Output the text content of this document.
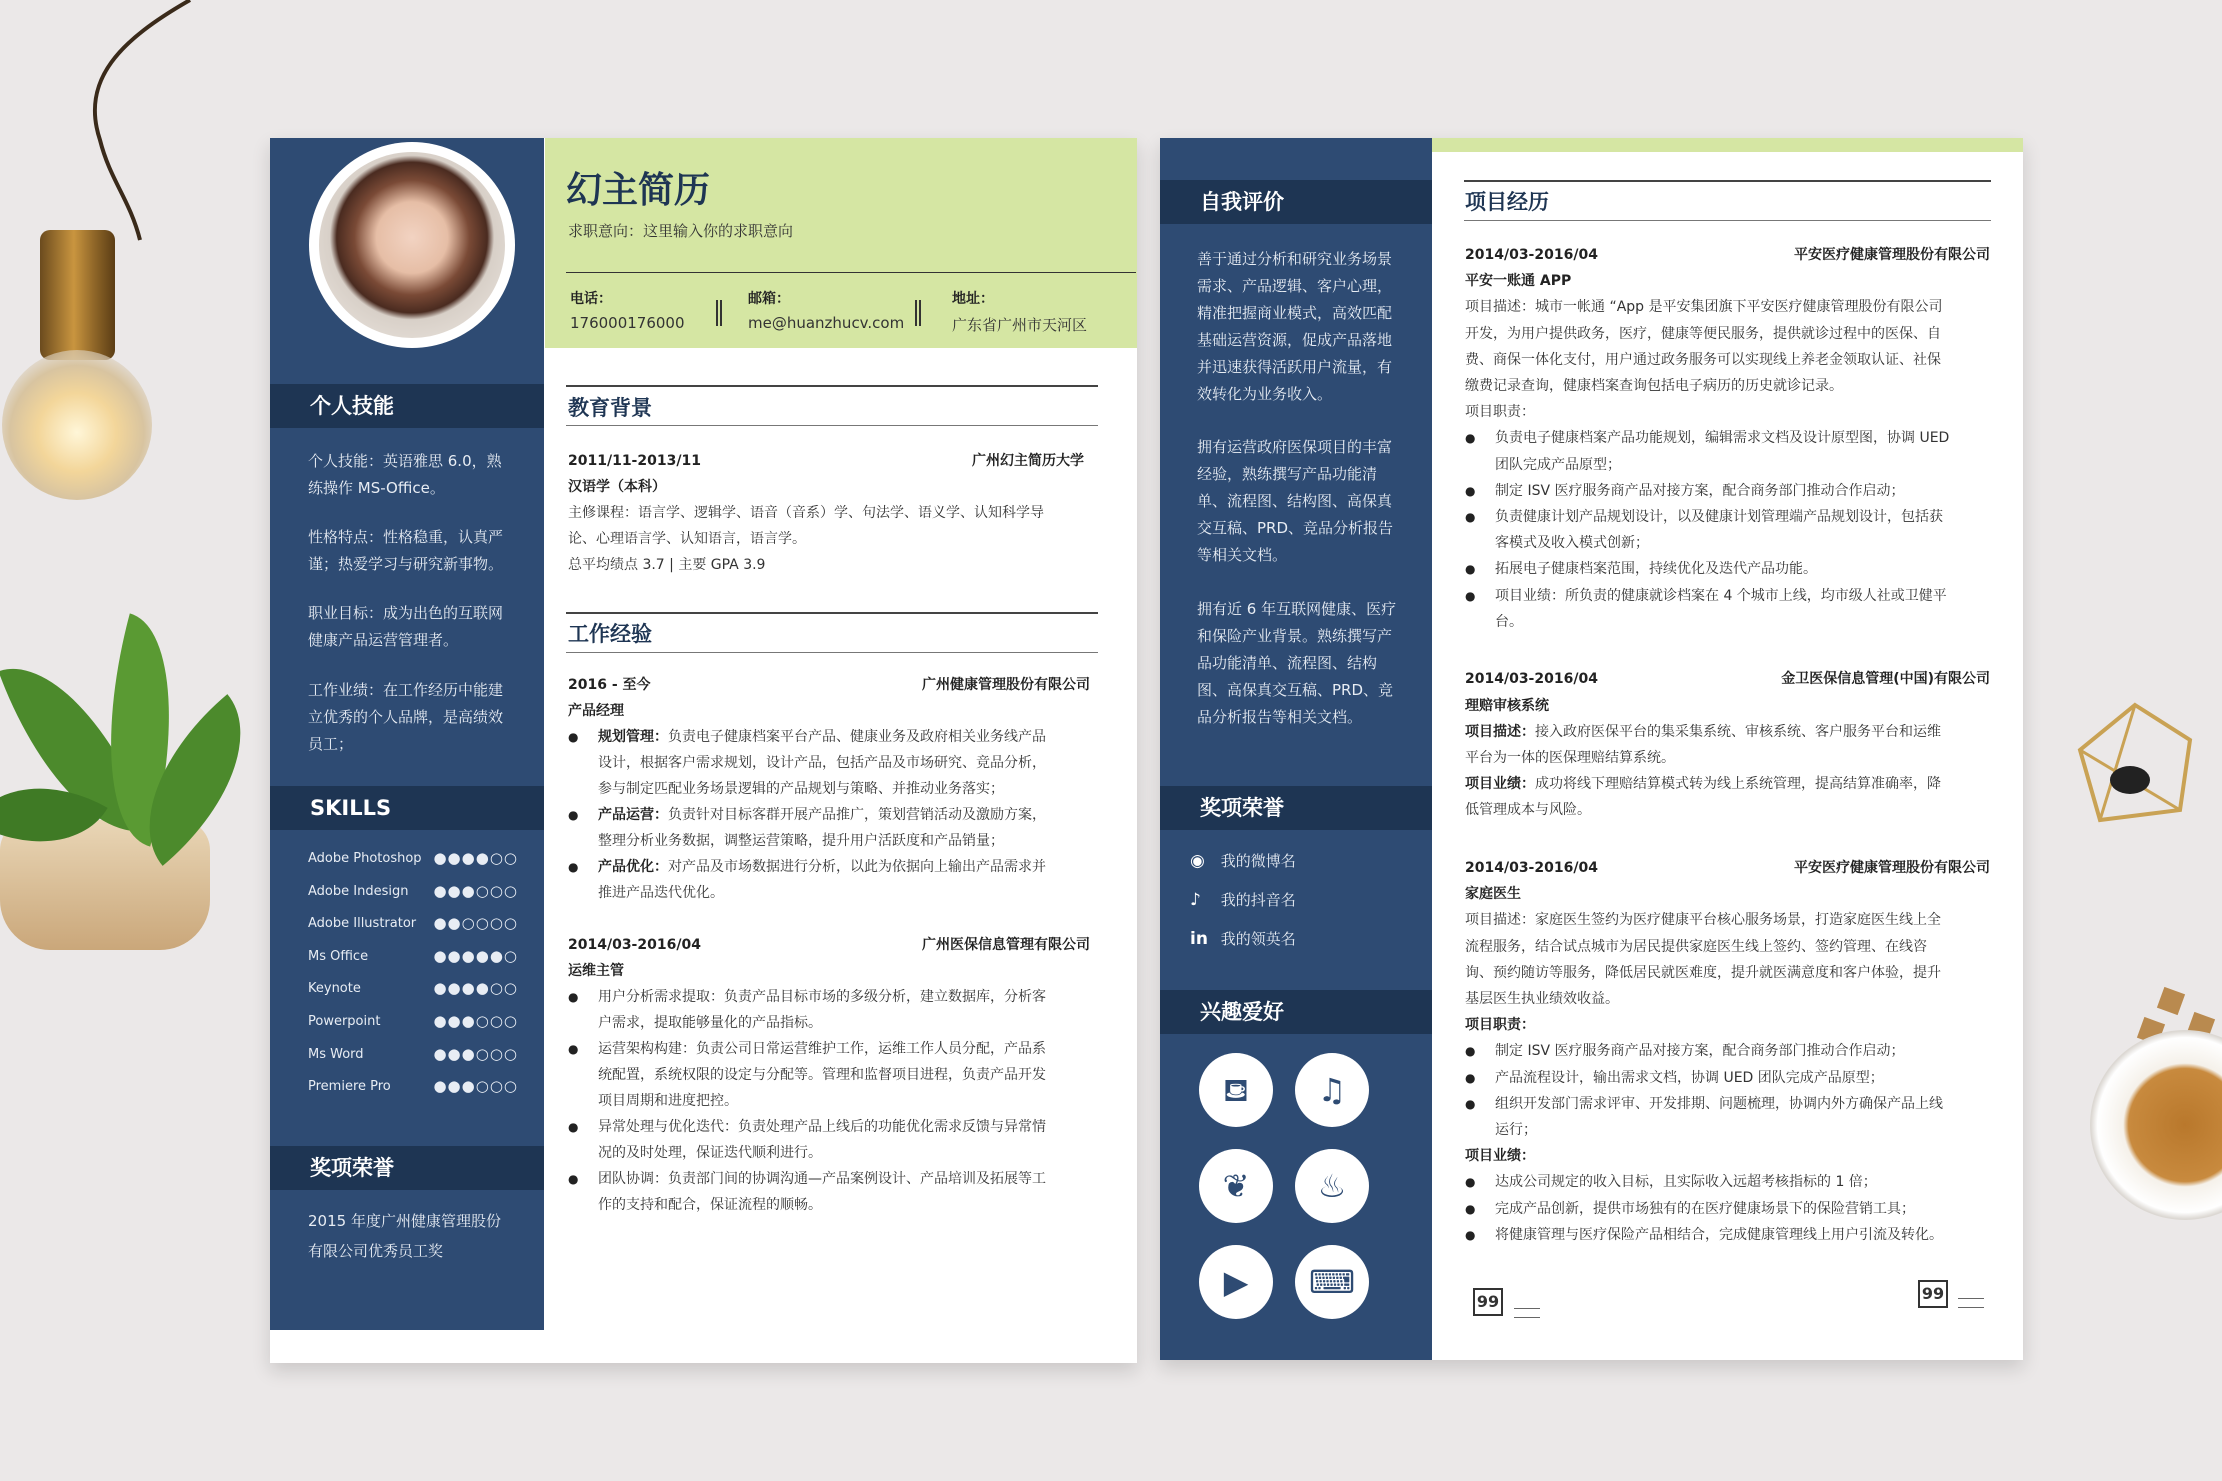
个人技能
SKILLS
奖项荣誉
2015 年度广州健康管理股份
有限公司优秀员工奖
幻主简历
求职意向：这里输入你的求职意向
电话：
176000176000
邮箱：
me@huanzhucv.com
地址：
广东省广州市天河区
教育背景
2011/11-2013/11	广州幻主简历大学
汉语学（本科）
主修课程：语言学、逻辑学、语音（音系）学、句法学、语义学、认知科学导
论、心理语言学、认知语言，语言学。
总平均绩点 3.7 | 主要 GPA 3.9
工作经验
自我评价
奖项荣誉
兴趣爱好
项目经历
99	99
个人技能：英语雅思 6.0，熟
练操作 MS-Office。
性格特点：性格稳重，认真严
谨；热爱学习与研究新事物。
职业目标：成为出色的互联网
健康产品运营管理者。
工作业绩：在工作经历中能建
立优秀的个人品牌，是高绩效
员工；
Adobe Photoshop ●●●●○○
Adobe Indesign ●●●○○○
Adobe Illustrator ●●○○○○
Ms Office	●●●●●○
Keynote	●●●●○○
Powerpoint	●●●○○○
Ms Word	●●●○○○
Premiere Pro	●●●○○○
2016 - 至今	广州健康管理股份有限公司
产品经理
● 规划管理：负责电子健康档案平台产品、健康业务及政府相关业务线产品
设计，根据客户需求规划，设计产品，包括产品及市场研究、竞品分析，
参与制定匹配业务场景逻辑的产品规划与策略、并推动业务落实；
● 产品运营：负责针对目标客群开展产品推广，策划营销活动及激励方案，
整理分析业务数据，调整运营策略，提升用户活跃度和产品销量；
● 产品优化：对产品及市场数据进行分析，以此为依据向上输出产品需求并
推进产品迭代优化。
2014/03-2016/04	广州医保信息管理有限公司
运维主管
● 用户分析需求提取：负责产品目标市场的多级分析，建立数据库，分析客
户需求，提取能够量化的产品指标。
● 运营架构构建：负责公司日常运营维护工作，运维工作人员分配，产品系
统配置，系统权限的设定与分配等。管理和监督项目进程，负责产品开发
项目周期和进度把控。
● 异常处理与优化迭代：负责处理产品上线后的功能优化需求反馈与异常情
况的及时处理，保证迭代顺利进行。
● 团队协调：负责部门间的协调沟通—产品案例设计、产品培训及拓展等工
作的支持和配合，保证流程的顺畅。
善于通过分析和研究业务场景
需求、产品逻辑、客户心理，
精准把握商业模式，高效匹配
基础运营资源，促成产品落地
并迅速获得活跃用户流量，有
效转化为业务收入。
拥有运营政府医保项目的丰富
经验，熟练撰写产品功能清
单、流程图、结构图、高保真
交互稿、PRD、竞品分析报告
等相关文档。
拥有近 6 年互联网健康、医疗
和保险产业背景。熟练撰写产
品功能清单、流程图、结构
图、高保真交互稿、PRD、竞
品分析报告等相关文档。
◉ 我的微博名
♪ 我的抖音名
in 我的领英名
⛾	♫
❦	♨
▶	⌨
2014/03-2016/04	平安医疗健康管理股份有限公司
平安一账通 APP
项目描述：城市一帐通 “App 是平安集团旗下平安医疗健康管理股份有限公司
开发，为用户提供政务，医疗，健康等便民服务，提供就诊过程中的医保、自
费、商保一体化支付，用户通过政务服务可以实现线上养老金领取认证、社保
缴费记录查询，健康档案查询包括电子病历的历史就诊记录。
项目职责：
● 负责电子健康档案产品功能规划，编辑需求文档及设计原型图，协调 UED
团队完成产品原型；
● 制定 ISV 医疗服务商产品对接方案，配合商务部门推动合作启动；
● 负责健康计划产品规划设计，以及健康计划管理端产品规划设计，包括获
客模式及收入模式创新；
● 拓展电子健康档案范围，持续优化及迭代产品功能。
● 项目业绩：所负责的健康就诊档案在 4 个城市上线，均市级人社或卫健平
台。
2014/03-2016/04	金卫医保信息管理(中国)有限公司
理赔审核系统
项目描述：接入政府医保平台的集采集系统、审核系统、客户服务平台和运维
平台为一体的医保理赔结算系统。
项目业绩：成功将线下理赔结算模式转为线上系统管理，提高结算准确率，降
低管理成本与风险。
2014/03-2016/04	平安医疗健康管理股份有限公司
家庭医生
项目描述：家庭医生签约为医疗健康平台核心服务场景，打造家庭医生线上全
流程服务，结合试点城市为居民提供家庭医生线上签约、签约管理、在线咨
询、预约随访等服务，降低居民就医难度，提升就医满意度和客户体验，提升
基层医生执业绩效收益。
项目职责：
● 制定 ISV 医疗服务商产品对接方案，配合商务部门推动合作启动；
● 产品流程设计，输出需求文档，协调 UED 团队完成产品原型；
● 组织开发部门需求评审、开发排期、问题梳理，协调内外方确保产品上线
运行；
项目业绩：
● 达成公司规定的收入目标，且实际收入远超考核指标的 1 倍；
● 完成产品创新，提供市场独有的在医疗健康场景下的保险营销工具；
● 将健康管理与医疗保险产品相结合，完成健康管理线上用户引流及转化。
